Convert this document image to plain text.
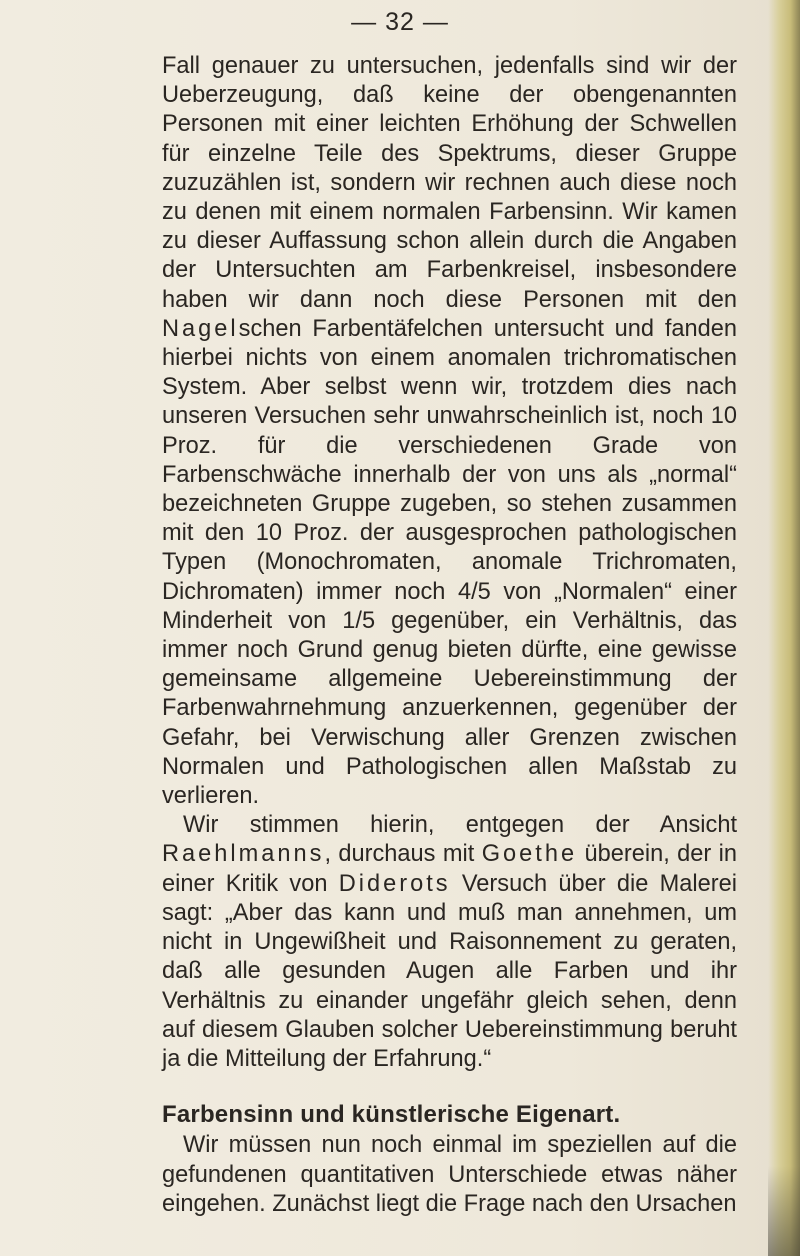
— 32 —

Fall genauer zu untersuchen, jedenfalls sind wir der Ueberzeugung, daß keine der obengenannten Personen mit einer leichten Erhöhung der Schwellen für einzelne Teile des Spektrums, dieser Gruppe zuzuzählen ist, sondern wir rechnen auch diese noch zu denen mit einem normalen Farbensinn. Wir kamen zu dieser Auffassung schon allein durch die Angaben der Untersuchten am Farbenkreisel, insbesondere haben wir dann noch diese Personen mit den Nagelschen Farbentäfelchen untersucht und fanden hierbei nichts von einem anomalen trichromatischen System. Aber selbst wenn wir, trotzdem dies nach unseren Versuchen sehr unwahrscheinlich ist, noch 10 Proz. für die verschiedenen Grade von Farbenschwäche innerhalb der von uns als „normal“ bezeichneten Gruppe zugeben, so stehen zusammen mit den 10 Proz. der ausgesprochen pathologischen Typen (Monochromaten, anomale Trichromaten, Dichromaten) immer noch 4/5 von „Normalen“ einer Minderheit von 1/5 gegenüber, ein Verhältnis, das immer noch Grund genug bieten dürfte, eine gewisse gemeinsame allgemeine Uebereinstimmung der Farbenwahrnehmung anzuerkennen, gegenüber der Gefahr, bei Verwischung aller Grenzen zwischen Normalen und Pathologischen allen Maßstab zu verlieren.

Wir stimmen hierin, entgegen der Ansicht Raehlmanns, durchaus mit Goethe überein, der in einer Kritik von Diderots Versuch über die Malerei sagt: „Aber das kann und muß man annehmen, um nicht in Ungewißheit und Raisonnement zu geraten, daß alle gesunden Augen alle Farben und ihr Verhältnis zu einander ungefähr gleich sehen, denn auf diesem Glauben solcher Uebereinstimmung beruht ja die Mitteilung der Erfahrung.“

Farbensinn und künstlerische Eigenart.

Wir müssen nun noch einmal im speziellen auf die gefundenen quantitativen Unterschiede etwas näher eingehen. Zunächst liegt die Frage nach den Ursachen
